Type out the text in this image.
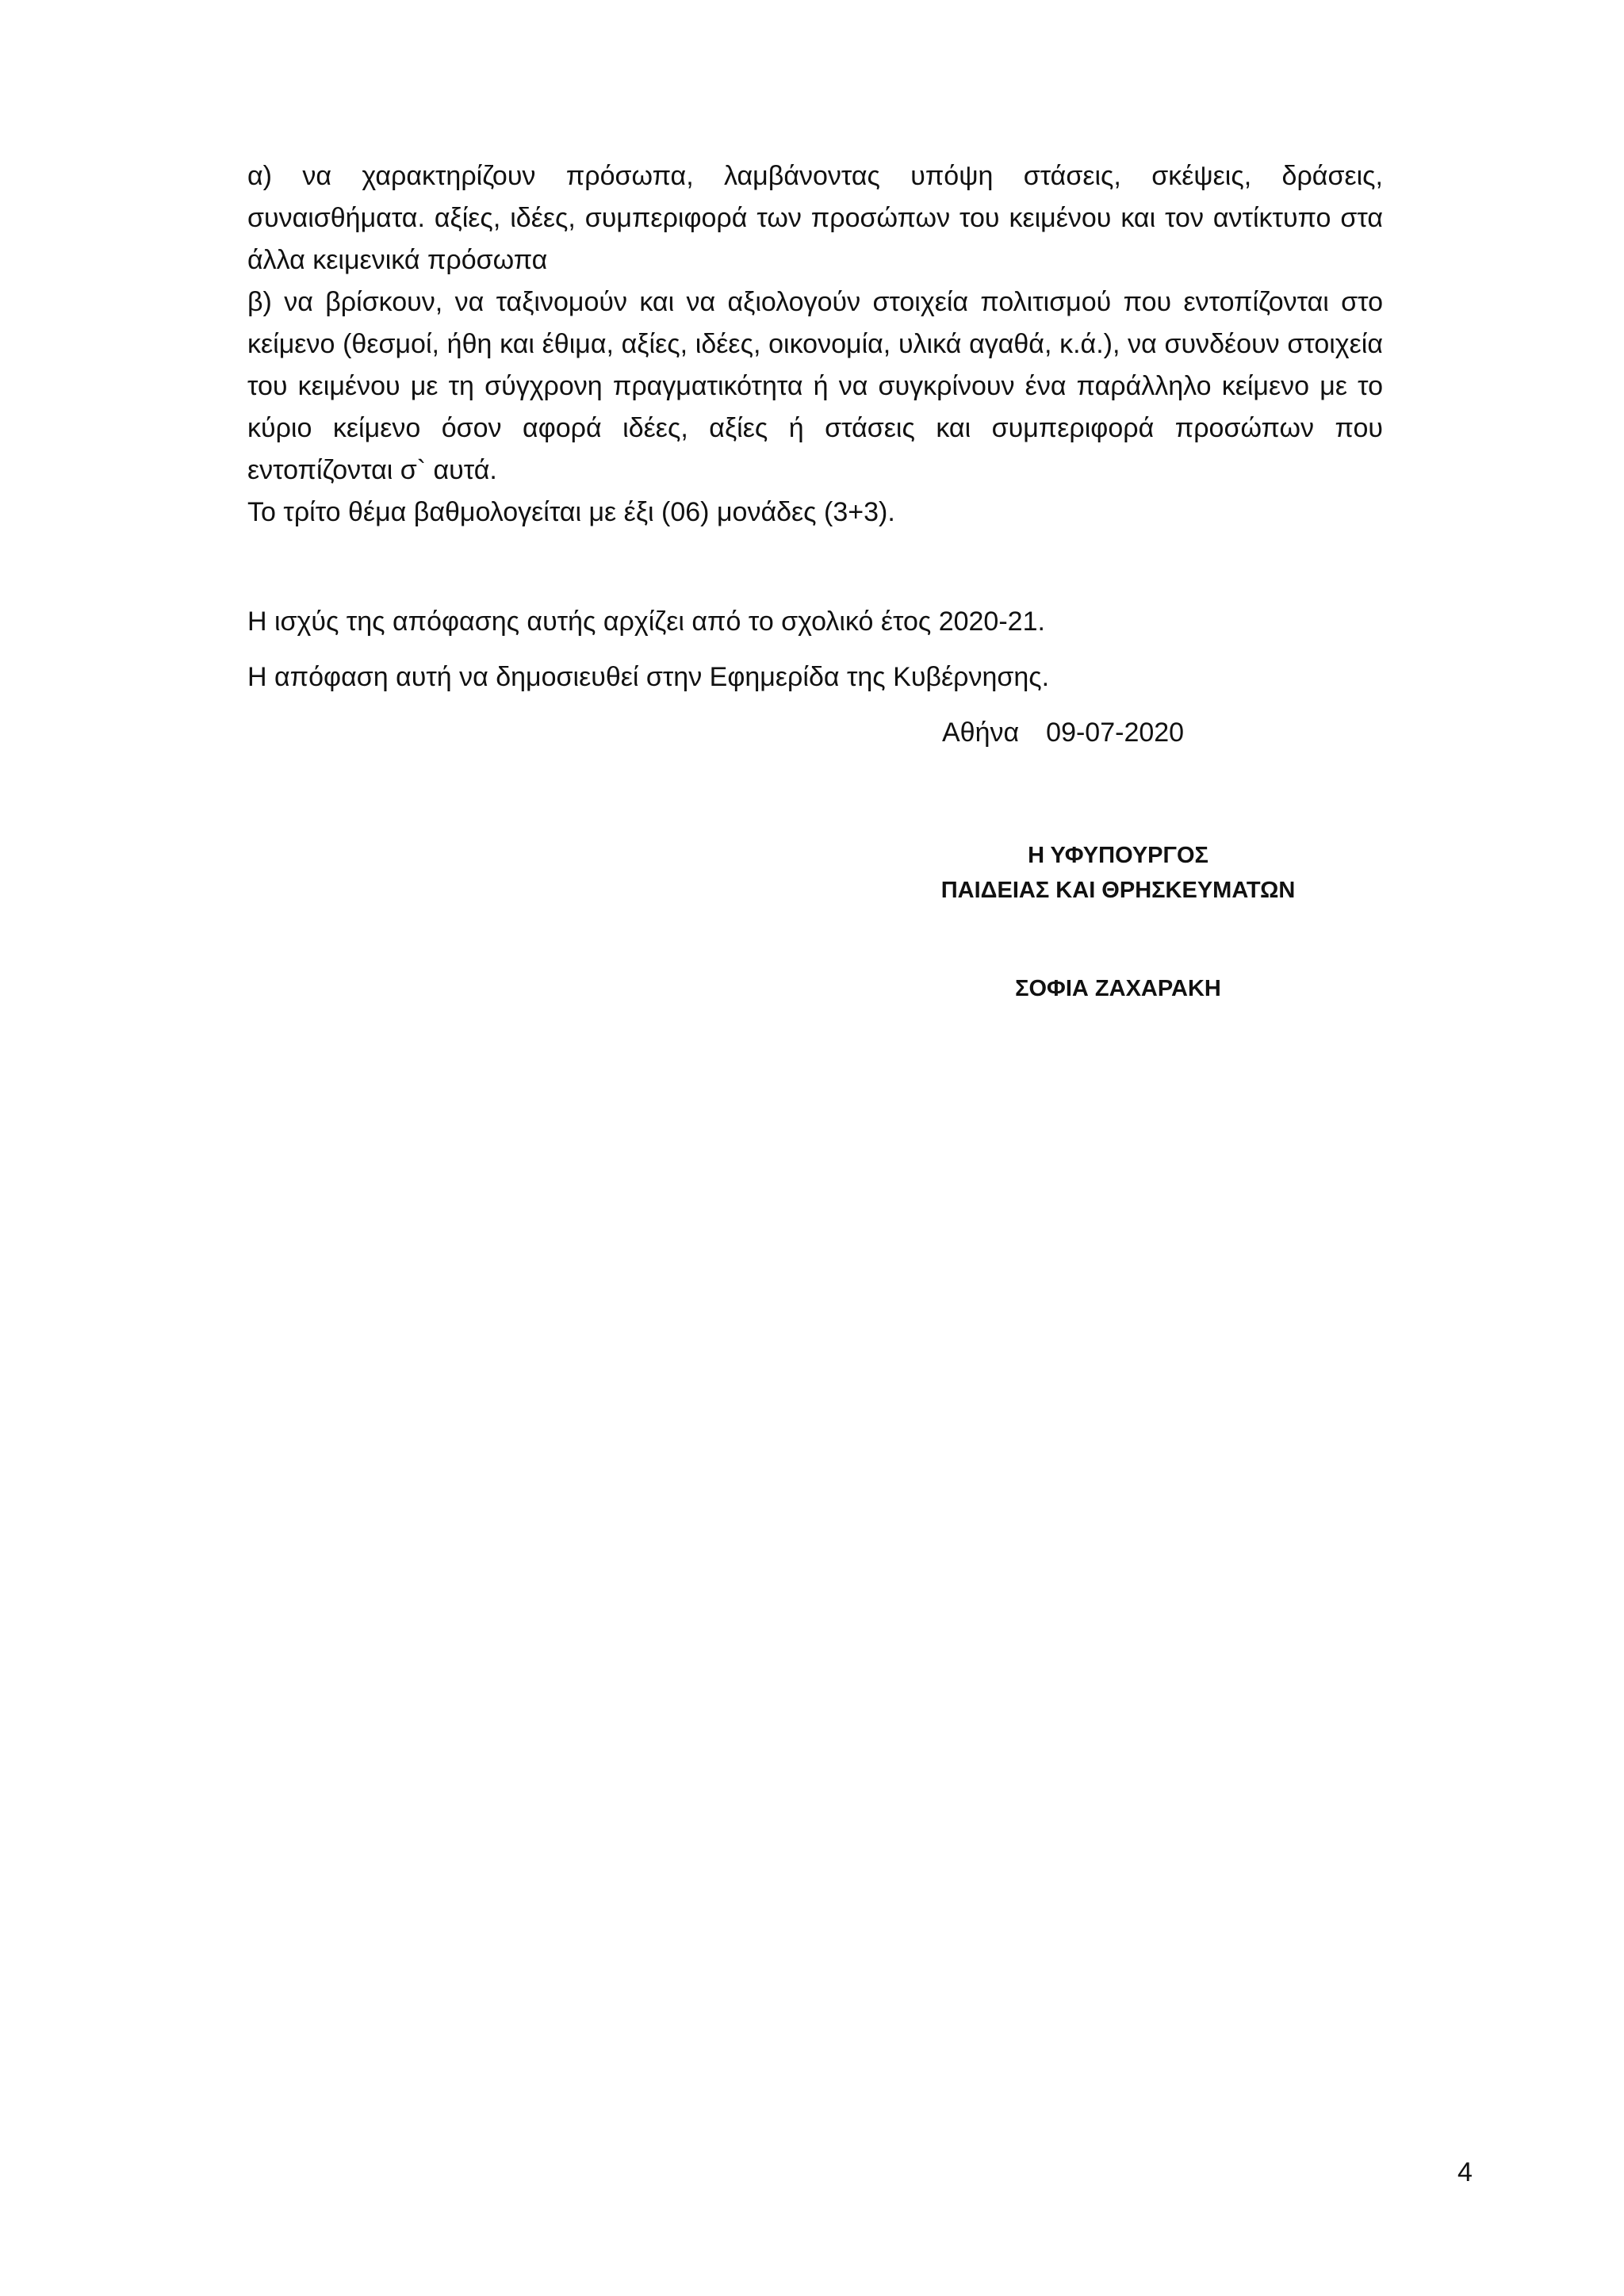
α) να χαρακτηρίζουν πρόσωπα, λαμβάνοντας υπόψη στάσεις, σκέψεις, δράσεις, συναισθήματα. αξίες, ιδέες, συμπεριφορά των προσώπων του κειμένου και τον αντίκτυπο στα άλλα κειμενικά πρόσωπα

β) να βρίσκουν, να ταξινομούν και να αξιολογούν στοιχεία πολιτισμού που εντοπίζονται στο κείμενο (θεσμοί, ήθη και έθιμα, αξίες, ιδέες, οικονομία, υλικά αγαθά, κ.ά.), να συνδέουν στοιχεία του κειμένου με τη σύγχρονη πραγματικότητα ή να συγκρίνουν ένα παράλληλο κείμενο με το κύριο κείμενο όσον αφορά ιδέες, αξίες ή στάσεις και συμπεριφορά προσώπων που εντοπίζονται σ` αυτά.

Το τρίτο θέμα βαθμολογείται με έξι (06) μονάδες (3+3).

Η ισχύς της απόφασης αυτής αρχίζει από το σχολικό έτος 2020-21.
Η απόφαση αυτή να δημοσιευθεί στην Εφημερίδα της Κυβέρνησης.
Αθήνα 09-07-2020
Η ΥΦΥΠΟΥΡΓΟΣ
ΠΑΙΔΕΙΑΣ ΚΑΙ ΘΡΗΣΚΕΥΜΑΤΩΝ
ΣΟΦΙΑ ΖΑΧΑΡΑΚΗ
4
